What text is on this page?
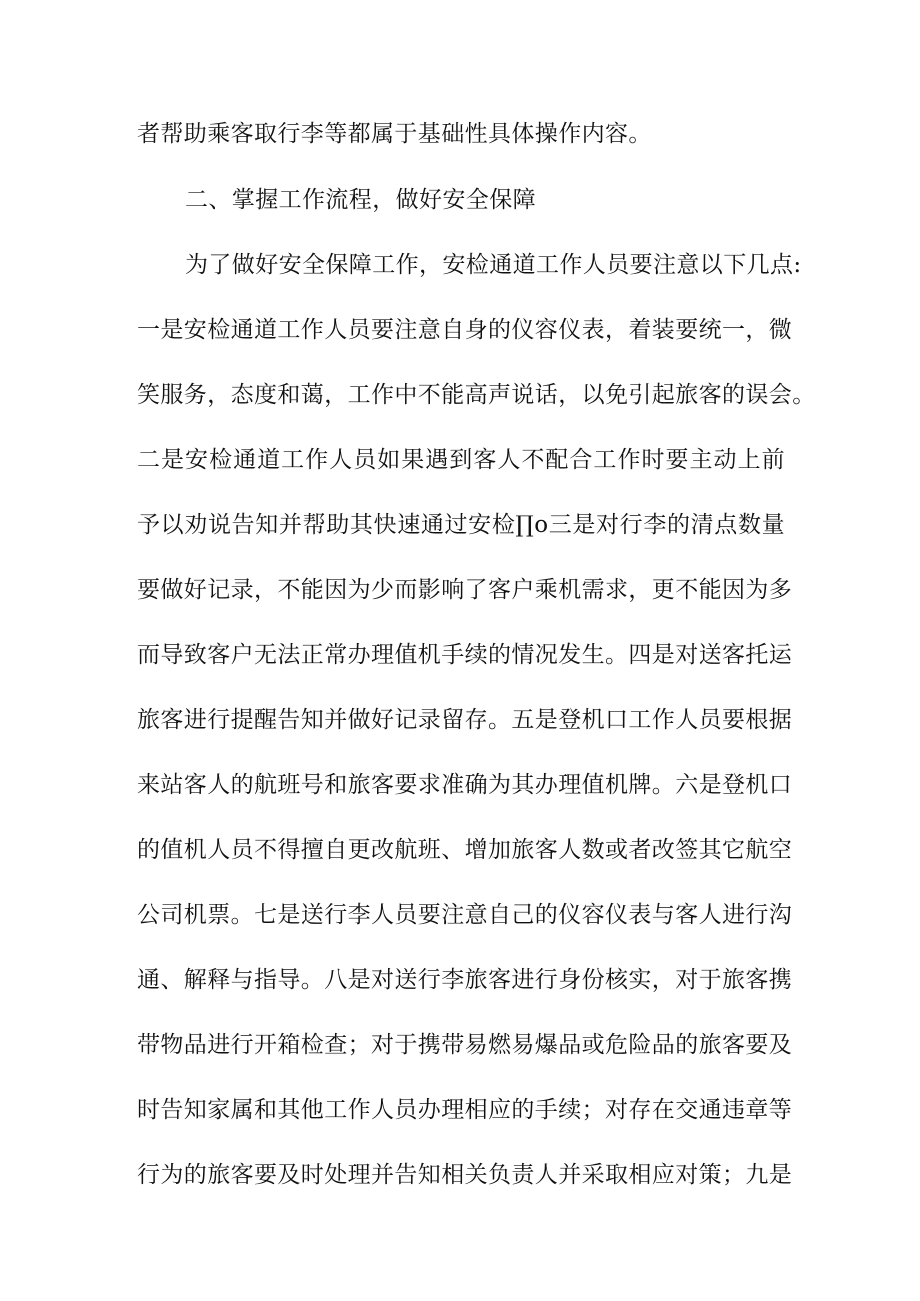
者帮助乘客取行李等都属于基础性具体操作内容。
二、掌握工作流程，做好安全保障
为了做好安全保障工作，安检通道工作人员要注意以下几点:
一是安检通道工作人员要注意自身的仪容仪表，着装要统一，微
笑服务，态度和蔼，工作中不能高声说话，以免引起旅客的误会。
二是安检通道工作人员如果遇到客人不配合工作时要主动上前
予以劝说告知并帮助其快速通过安检∏o三是对行李的清点数量
要做好记录，不能因为少而影响了客户乘机需求，更不能因为多
而导致客户无法正常办理值机手续的情况发生。四是对送客托运
旅客进行提醒告知并做好记录留存。五是登机口工作人员要根据
来站客人的航班号和旅客要求准确为其办理值机牌。六是登机口
的值机人员不得擅自更改航班、增加旅客人数或者改签其它航空
公司机票。七是送行李人员要注意自己的仪容仪表与客人进行沟
通、解释与指导。八是对送行李旅客进行身份核实，对于旅客携
带物品进行开箱检查；对于携带易燃易爆品或危险品的旅客要及
时告知家属和其他工作人员办理相应的手续；对存在交通违章等
行为的旅客要及时处理并告知相关负责人并采取相应对策；九是
